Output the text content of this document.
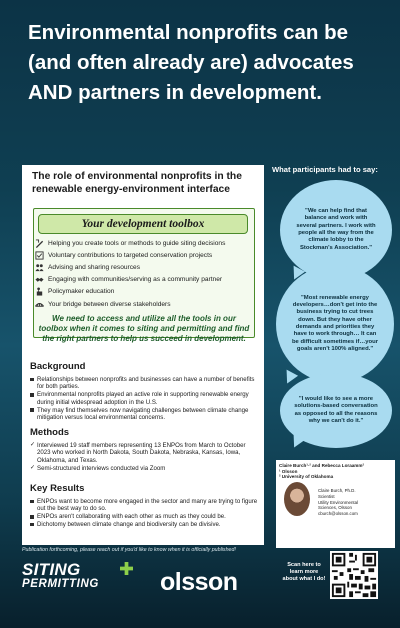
Environmental nonprofits can be (and often already are) advocates AND partners in development.
The role of environmental nonprofits in the renewable energy-environment interface
Your development toolbox
Helping you create tools or methods to guide siting decisions
Voluntary contributions to targeted conservation projects
Advising and sharing resources
Engaging with communities/serving as a community partner
Policymaker education
Your bridge between diverse stakeholders

We need to access and utilize all the tools in our toolbox when it comes to siting and permitting and find the right partners to help us succeed in development.

Background

Relationships between nonprofits and businesses can have a number of benefits for both parties.
Environmental nonprofits played an active role in supporting renewable energy during initial widespread adoption in the U.S.
They may find themselves now navigating challenges between climate change mitigation versus local environmental concerns.

Methods

✓ Interviewed 19 staff members representing 13 ENPOs from March to October 2023 who worked in North Dakota, South Dakota, Nebraska, Kansas, Iowa, Oklahoma, and Texas.
✓ Semi-structured interviews conducted via Zoom

Key Results

ENPOs want to become more engaged in the sector and many are trying to figure out the best way to do so.
ENPOs aren't collaborating with each other as much as they could be.
Dichotomy between climate change and biodiversity can be divisive.

Publication forthcoming, please reach out if you'd like to know when it is officially published!

SITING
PERMITTING	olsson

What participants had to say:

"We can help find that balance and work with several partners. I work with people all the way from the climate lobby to the Stockman's Association."
"Most renewable energy developers…don't get into the business trying to cut trees down. But they have other demands and priorities they have to work through… It can be difficult sometimes if…your goals aren't 100% aligned."
"I would like to see a more solutions-based conversation as opposed to all the reasons why we can't do it."

Claire Burch¹·² and Rebecca Loraamm²
¹ Olsson
² University of Oklahoma

Claire Burch, Ph.D.
Scientist
Utility Environmental
Sciences, Olsson
cburch@olsson.com

Scan here to learn more about what I do!
